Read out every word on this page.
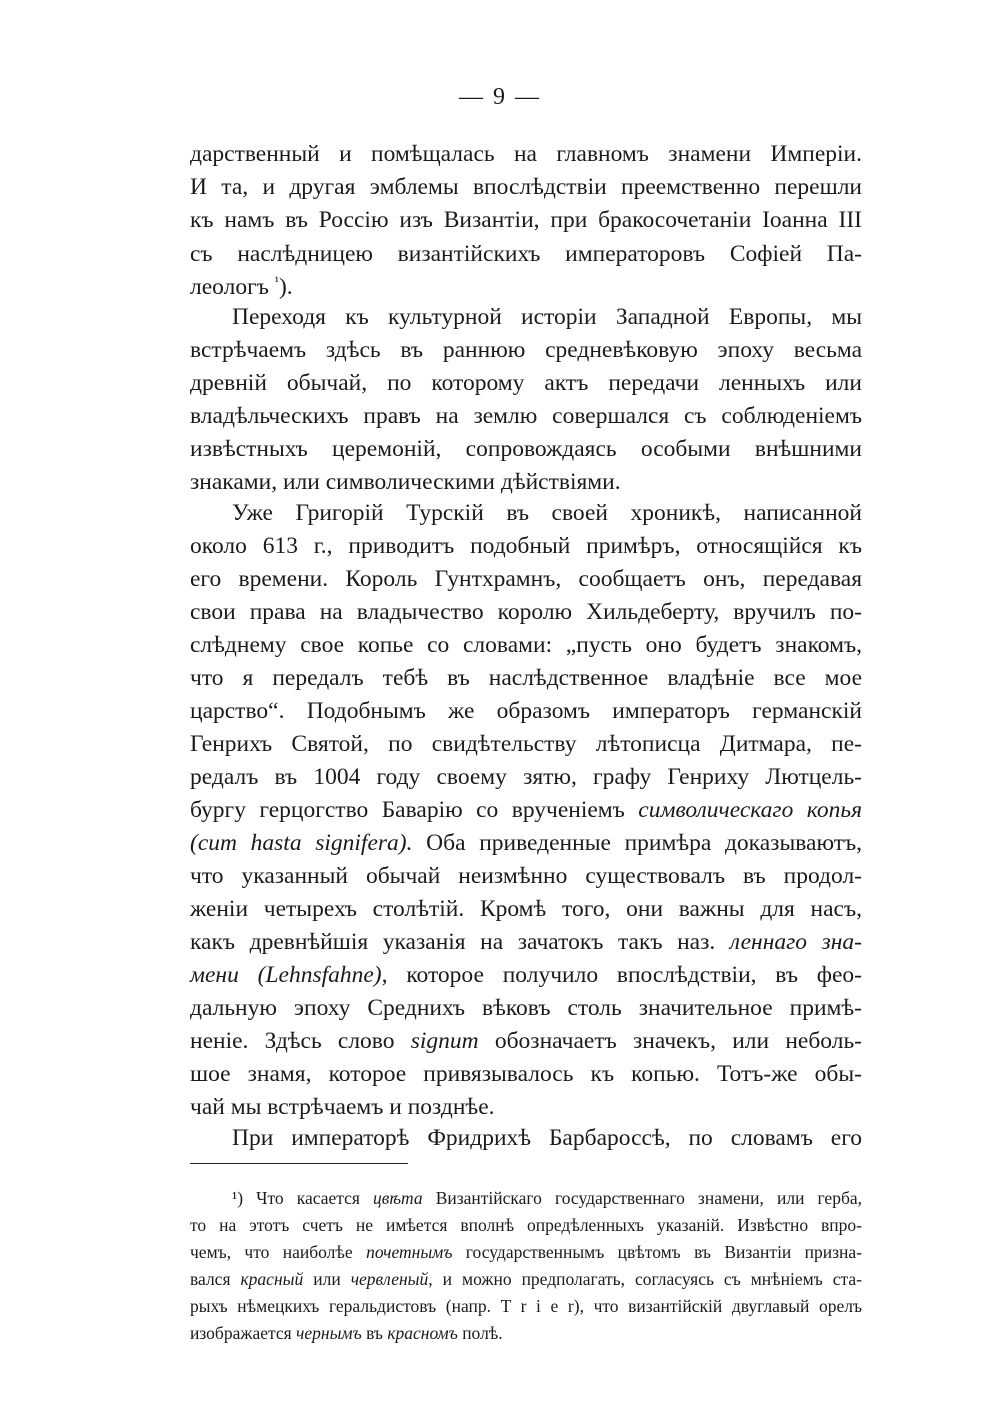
— 9 —
дарственный и помѣщалась на главномъ знамени Имперіи.
И та, и другая эмблемы впослѣдствіи преемственно перешли
къ намъ въ Россію изъ Византіи, при бракосочетаніи Іоанна III
съ наслѣдницею византійскихъ императоровъ Софіей Па-
леологъ $^{^1}$).
Переходя къ культурной исторіи Западной Европы, мы
встрѣчаемъ здѣсь въ раннюю средневѣковую эпоху весьма
древній обычай, по которому актъ передачи ленныхъ или
владѣльческихъ правъ на землю совершался съ соблюденіемъ
извѣстныхъ церемоній, сопровождаясь особыми внѣшними
знаками, или символическими дѣйствіями.
Уже Григорій Турскій въ своей хроникѣ, написанной
около 613 г., приводитъ подобный примѣръ, относящійся къ
его времени. Король Гунтхрамнъ, сообщаетъ онъ, передавая
свои права на владычество королю Хильдеберту, вручилъ по-
слѣднему свое копье со словами: „пусть оно будетъ знакомъ,
что я передалъ тебѣ въ наслѣдственное владѣніе все мое
царство“. Подобнымъ же образомъ императоръ германскій
Генрихъ Святой, по свидѣтельству лѣтописца Дитмара, пе-
редалъ въ 1004 году своему зятю, графу Генриху Лютцель-
бургу герцогство Баварію со врученіемъ символическаго копья
(cum hasta signifera). Оба приведенные примѣра доказываютъ,
что указанный обычай неизмѣнно существовалъ въ продол-
женіи четырехъ столѣтій. Кромѣ того, они важны для насъ,
какъ древнѣйшія указанія на зачатокъ такъ наз. леннаго зна-
мени (Lehnsfahne), которое получило впослѣдствіи, въ фео-
дальную эпоху Среднихъ вѣковъ столь значительное примѣ-
неніе. Здѣсь слово signum обозначаетъ значекъ, или неболь-
шое знамя, которое привязывалось къ копью. Тотъ-же обы-
чай мы встрѣчаемъ и позднѣе.
При императорѣ Фридрихѣ Барбароссѣ, по словамъ его
¹) Что касается цвѣта Византійскаго государственнаго знамени, или герба,
то на этотъ счетъ не имѣется вполнѣ опредѣленныхъ указаній. Извѣстно впро-
чемъ, что наиболѣе почетнымъ государственнымъ цвѣтомъ въ Византіи призна-
вался красный или червленый, и можно предполагать, согласуясь съ мнѣніемъ ста-
рыхъ нѣмецкихъ геральдистовъ (напр. T r i e r), что византійскій двуглавый орелъ
изображается чернымъ въ красномъ полѣ.
